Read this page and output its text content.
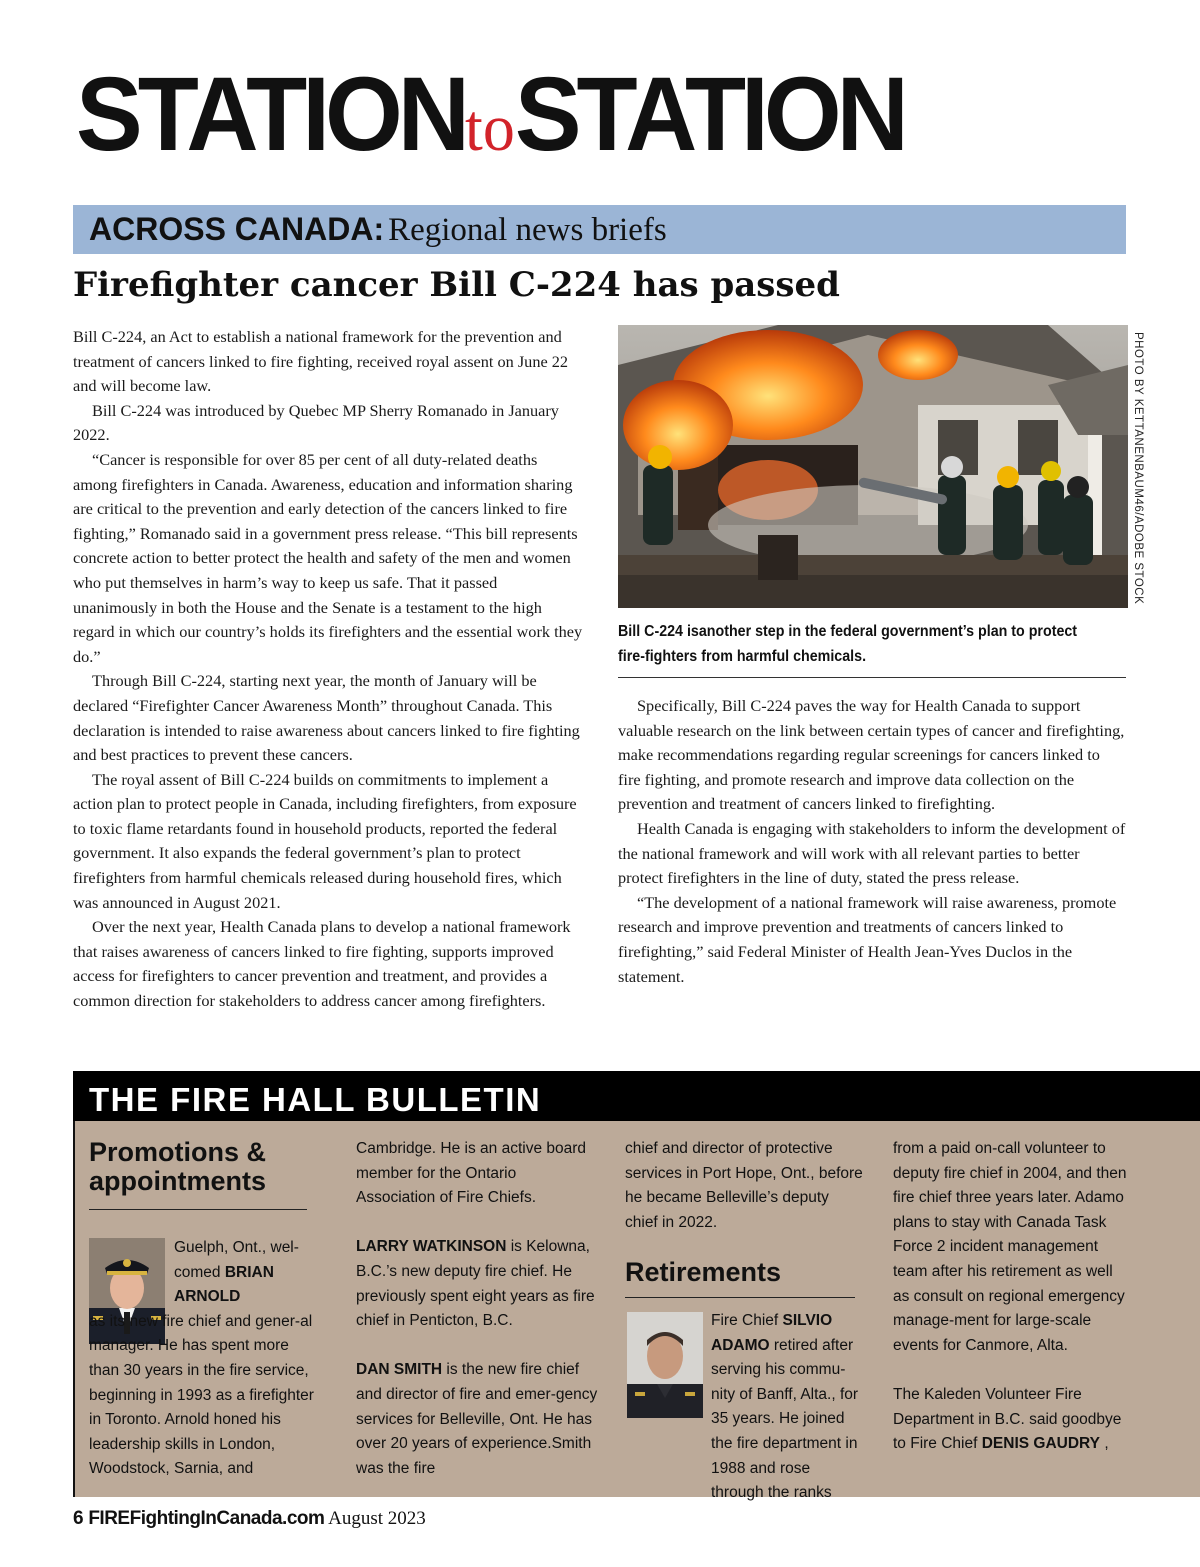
STATIONtoSTATION
ACROSS CANADA: Regional news briefs
Firefighter cancer Bill C-224 has passed

Bill C-224, an Act to establish a national framework for the prevention and treatment of cancers linked to fire fighting, received royal assent on June 22 and will become law.

Bill C-224 was introduced by Quebec MP Sherry Romanado in January 2022.

“Cancer is responsible for over 85 per cent of all duty-related deaths among firefighters in Canada. Awareness, education and information sharing are critical to the prevention and early detection of the cancers linked to fire fighting,” Romanado said in a government press release. “This bill represents concrete action to better protect the health and safety of the men and women who put themselves in harm’s way to keep us safe. That it passed unanimously in both the House and the Senate is a testament to the high regard in which our country’s holds its firefighters and the essential work they do.”

Through Bill C-224, starting next year, the month of January will be declared “Firefighter Cancer Awareness Month” throughout Canada. This declaration is intended to raise awareness about cancers linked to fire fighting and best practices to prevent these cancers.

The royal assent of Bill C-224 builds on commitments to implement a action plan to protect people in Canada, including firefighters, from exposure to toxic flame retardants found in household products, reported the federal government. It also expands the federal government’s plan to protect firefighters from harmful chemicals released during household fires, which was announced in August 2021.

Over the next year, Health Canada plans to develop a national framework that raises awareness of cancers linked to fire fighting, supports improved access for firefighters to cancer prevention and treatment, and provides a common direction for stakeholders to address cancer among firefighters.

PHOTO BY KETTANENBAUM46/ADOBE STOCK
Bill C-224 isanother step in the federal government’s plan to protect fire-fighters from harmful chemicals.

Specifically, Bill C-224 paves the way for Health Canada to support valuable research on the link between certain types of cancer and firefighting, make recommendations regarding regular screenings for cancers linked to fire fighting, and promote research and improve data collection on the prevention and treatment of cancers linked to firefighting.

Health Canada is engaging with stakeholders to inform the development of the national framework and will work with all relevant parties to better protect firefighters in the line of duty, stated the press release.

“The development of a national framework will raise awareness, promote research and improve prevention and treatments of cancers linked to firefighting,” said Federal Minister of Health Jean-Yves Duclos in the statement.

THE FIRE HALL BULLETIN
Promotions & appointments
Guelph, Ont., wel-comed BRIAN ARNOLD
as its new fire chief and gener-al manager. He has spent more than 30 years in the fire service, beginning in 1993 as a firefighter in Toronto. Arnold honed his leadership skills in London, Woodstock, Sarnia, and
Cambridge. He is an active board member for the Ontario Association of Fire Chiefs.
LARRY WATKINSON is Kelowna, B.C.’s new deputy fire chief. He previously spent eight years as fire chief in Penticton, B.C.
DAN SMITH is the new fire chief and director of fire and emer-gency services for Belleville, Ont. He has over 20 years of experience.Smith was the fire
chief and director of protective services in Port Hope, Ont., before he became Belleville’s deputy chief in 2022.
Retirements
Fire Chief SILVIO ADAMO retired after serving his commu-nity of Banff, Alta., for 35 years. He joined the fire department in 1988 and rose through the ranks
from a paid on-call volunteer to deputy fire chief in 2004, and then fire chief three years later. Adamo plans to stay with Canada Task Force 2 incident management team after his retirement as well as consult on regional emergency manage-ment for large-scale events for Canmore, Alta.
The Kaleden Volunteer Fire Department in B.C. said goodbye to Fire Chief DENIS GAUDRY ,
6 FIREFightingInCanada.com August 2023
